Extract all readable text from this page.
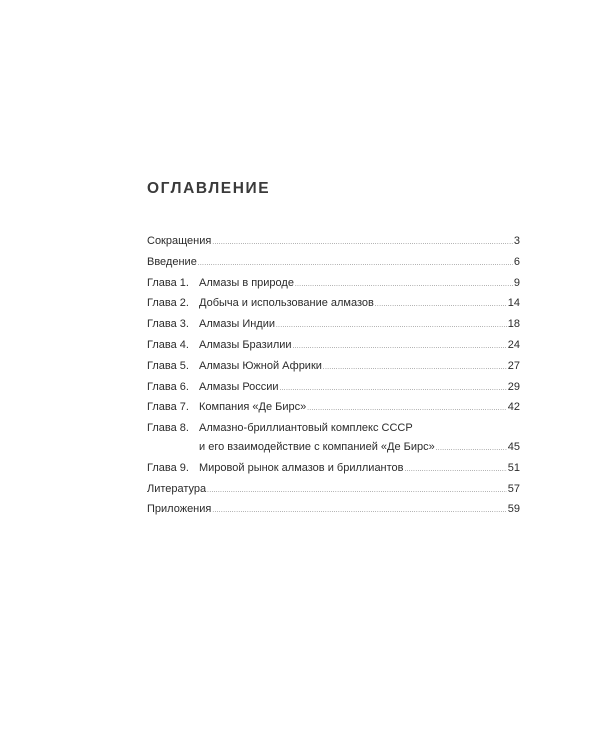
ОГЛАВЛЕНИЕ
Сокращения .....	3
Введение .....	6
Глава 1. Алмазы в природе .....	9
Глава 2. Добыча и использование алмазов .....	14
Глава 3. Алмазы Индии .....	18
Глава 4. Алмазы Бразилии .....	24
Глава 5. Алмазы Южной Африки .....	27
Глава 6. Алмазы России .....	29
Глава 7. Компания «Де Бирс» .....	42
Глава 8. Алмазно-бриллиантовый комплекс СССР
и его взаимодействие с компанией «Де Бирс» .....	45
Глава 9. Мировой рынок алмазов и бриллиантов .....	51
Литература .....	57
Приложения .....	59
